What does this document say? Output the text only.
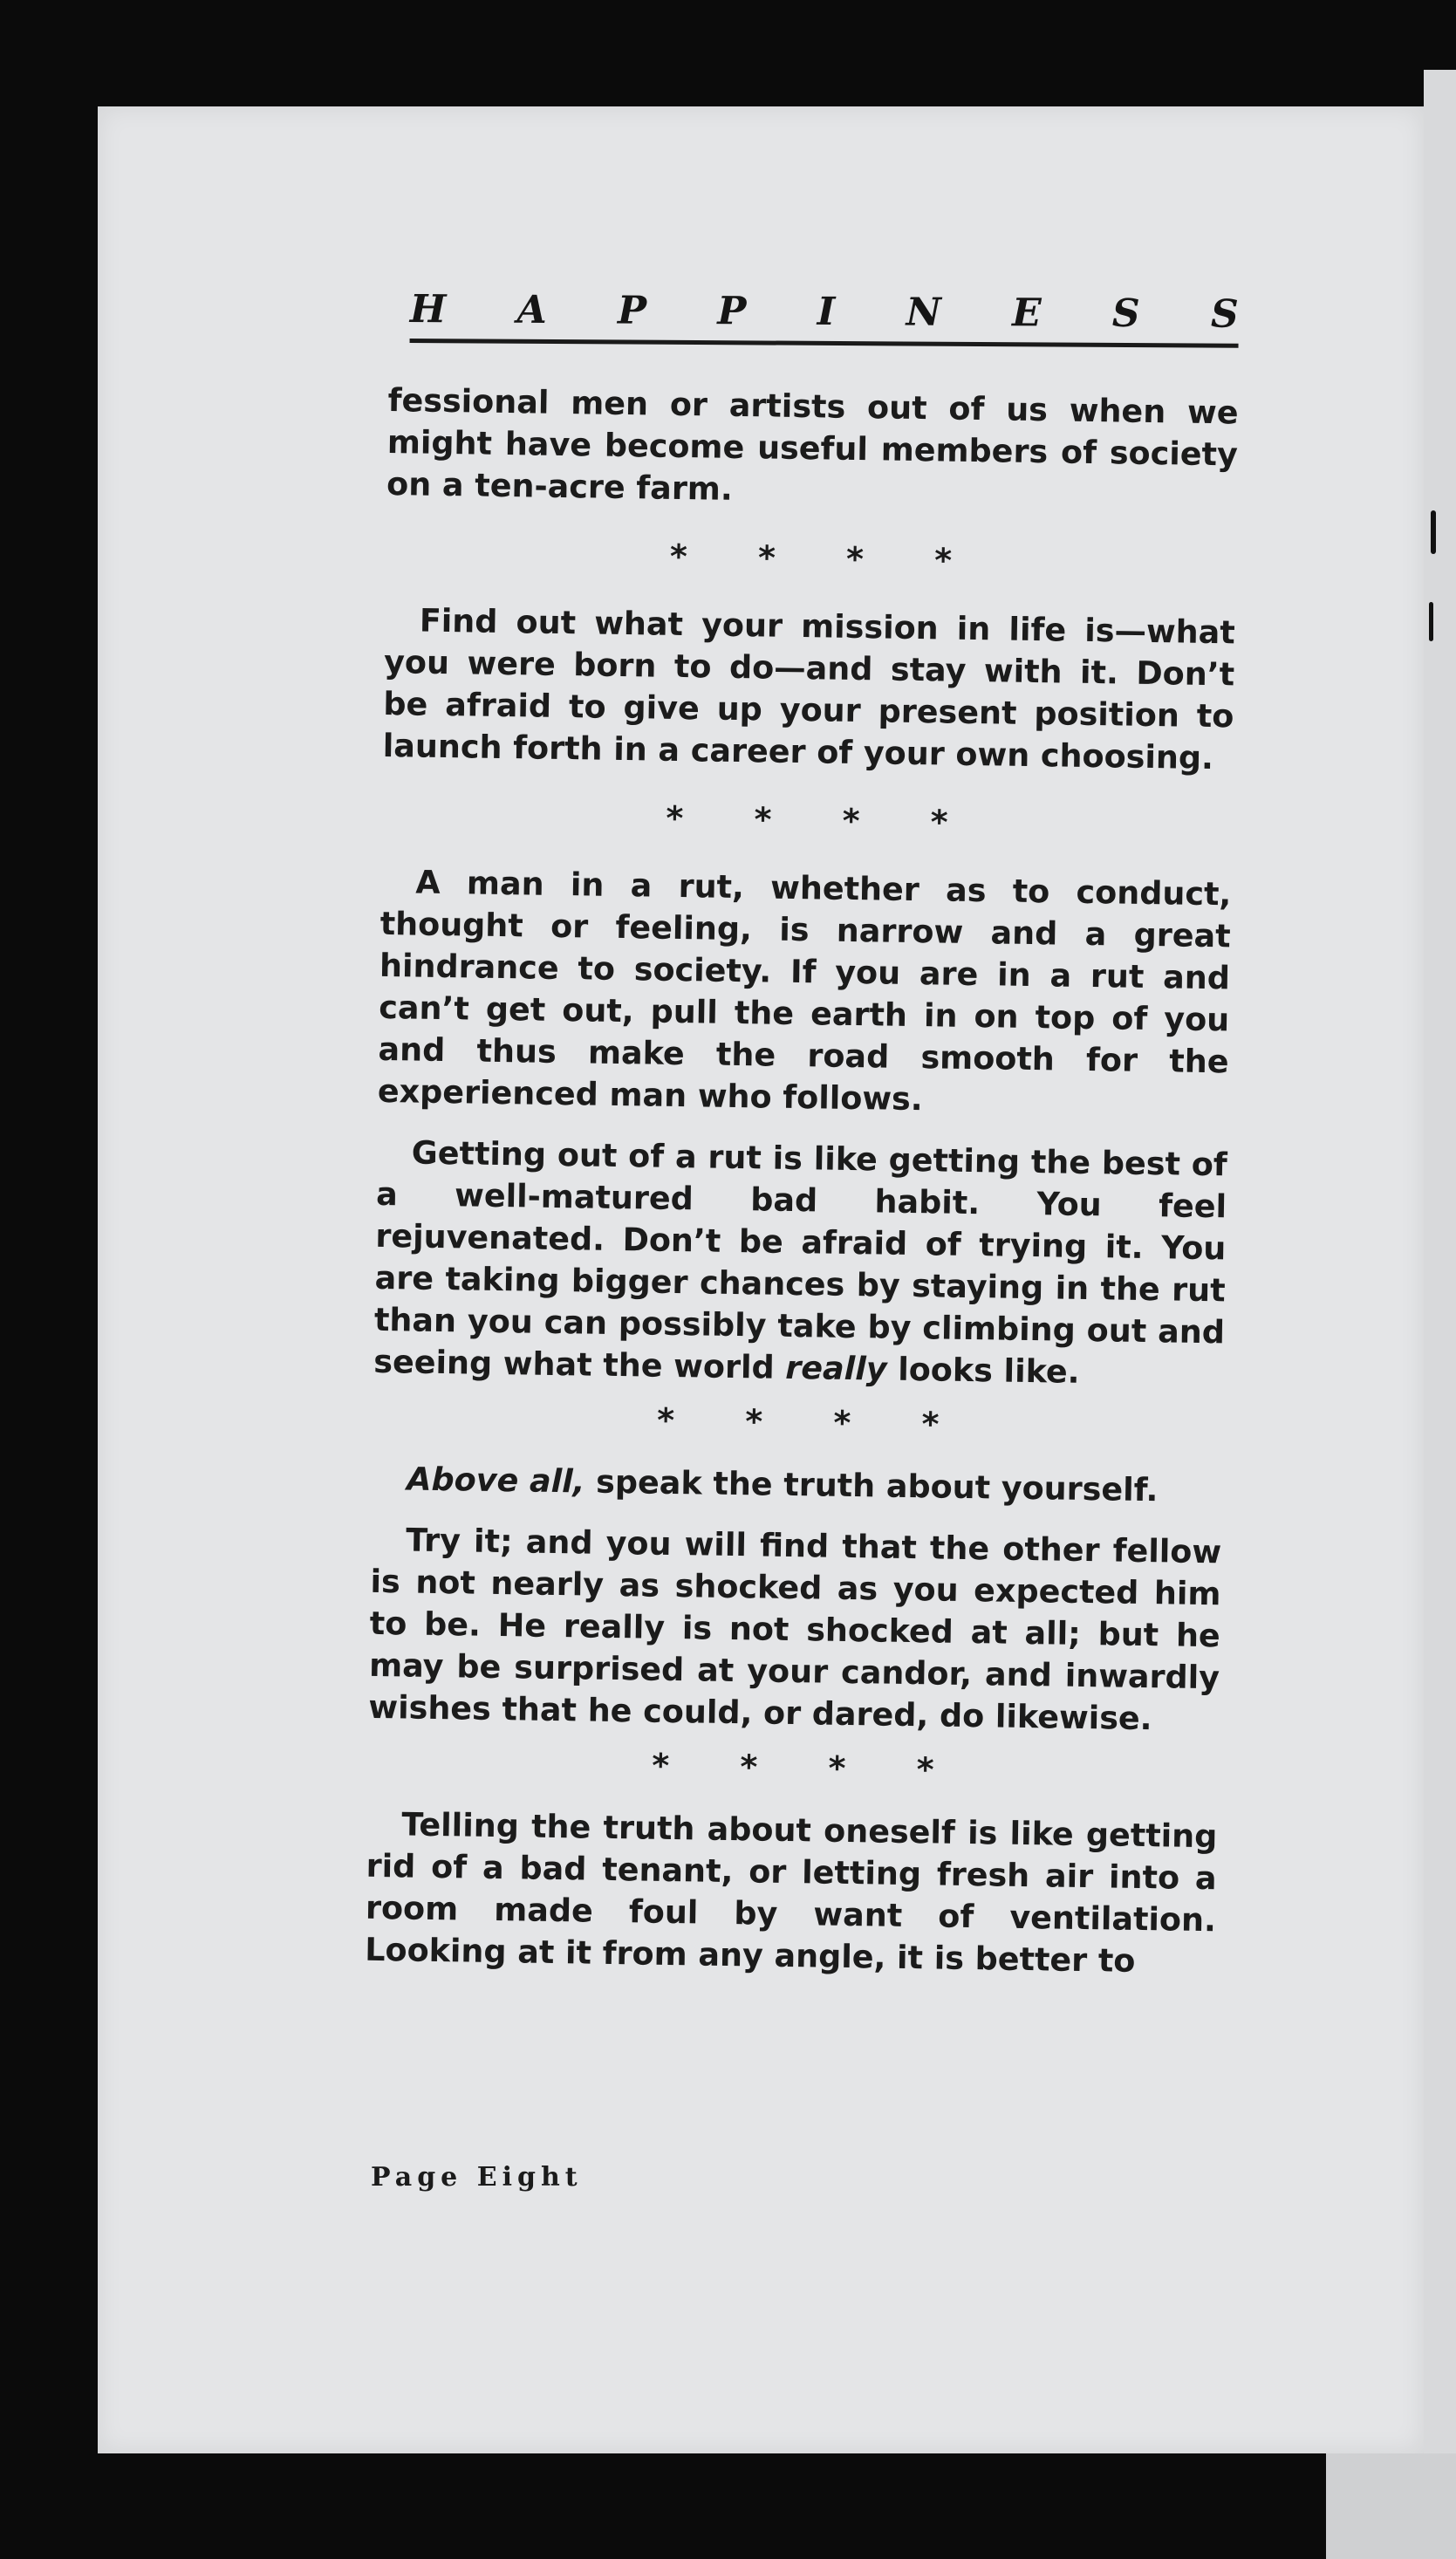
H A P P I N E S S

fessional men or artists out of us when we might have become useful members of society on a ten-acre farm.

* * * *

Find out what your mission in life is—what you were born to do—and stay with it. Don’t be afraid to give up your present position to launch forth in a career of your own choosing.

* * * *

A man in a rut, whether as to conduct, thought or feeling, is narrow and a great hindrance to society. If you are in a rut and can’t get out, pull the earth in on top of you and thus make the road smooth for the experienced man who follows.

Getting out of a rut is like getting the best of a well-matured bad habit. You feel rejuvenated. Don’t be afraid of trying it. You are taking bigger chances by staying in the rut than you can possibly take by climbing out and seeing what the world really looks like.

* * * *

Above all, speak the truth about yourself.

Try it; and you will find that the other fellow is not nearly as shocked as you expected him to be. He really is not shocked at all; but he may be surprised at your candor, and inwardly wishes that he could, or dared, do likewise.

* * * *

Telling the truth about oneself is like getting rid of a bad tenant, or letting fresh air into a room made foul by want of ventilation. Looking at it from any angle, it is better to

Page Eight
